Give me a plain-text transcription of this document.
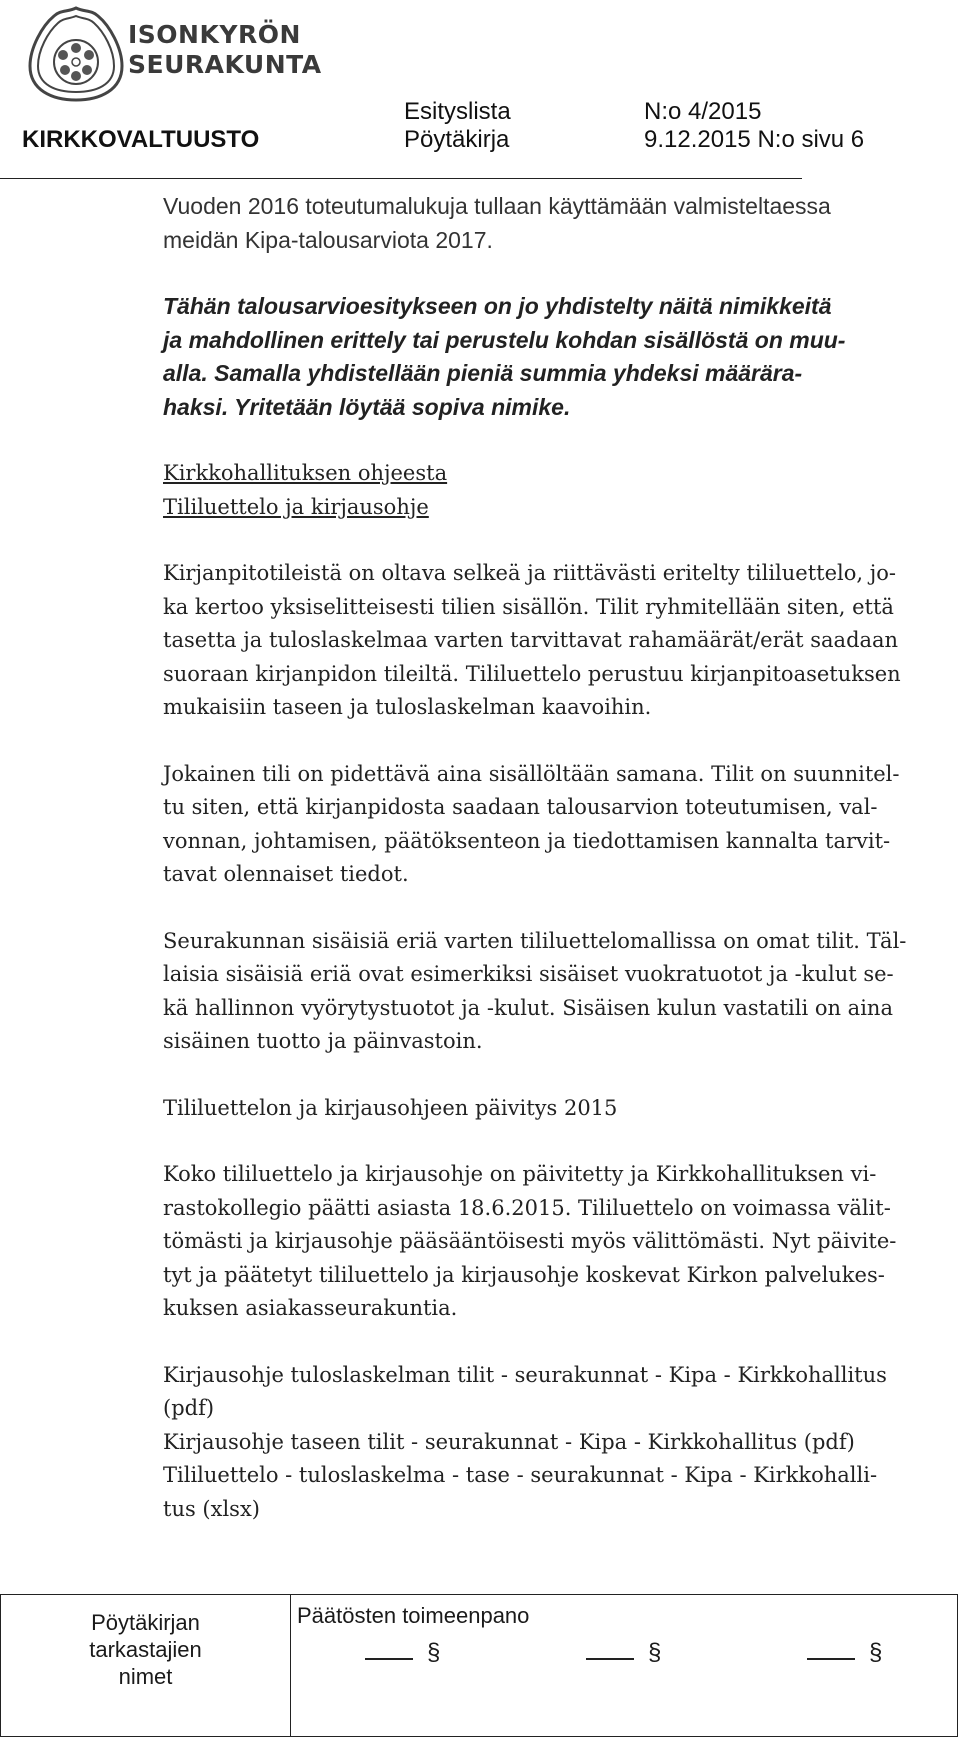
ISONKYRÖN
SEURAKUNTA
Esityslista	N:o 4/2015
KIRKKOVALTUUSTO	Pöytäkirja	9.12.2015 N:o sivu 6
Vuoden 2016 toteutumalukuja tullaan käyttämään valmisteltaessa
meidän Kipa-talousarviota 2017.
Tähän talousarvioesitykseen on jo yhdistelty näitä nimikkeitä
ja mahdollinen erittely tai perustelu kohdan sisällöstä on muu-
alla. Samalla yhdistellään pieniä summia yhdeksi määrära-
haksi. Yritetään löytää sopiva nimike.
Kirkkohallituksen ohjeesta
Tililuettelo ja kirjausohje
Kirjanpitotileistä on oltava selkeä ja riittävästi eritelty tililuettelo, jo-
ka kertoo yksiselitteisesti tilien sisällön. Tilit ryhmitellään siten, että
tasetta ja tuloslaskelmaa varten tarvittavat rahamäärät/erät saadaan
suoraan kirjanpidon tileiltä. Tililuettelo perustuu kirjanpitoasetuksen
mukaisiin taseen ja tuloslaskelman kaavoihin.
Jokainen tili on pidettävä aina sisällöltään samana. Tilit on suunnitel-
tu siten, että kirjanpidosta saadaan talousarvion toteutumisen, val-
vonnan, johtamisen, päätöksenteon ja tiedottamisen kannalta tarvit-
tavat olennaiset tiedot.
Seurakunnan sisäisiä eriä varten tililuettelomallissa on omat tilit. Täl-
laisia sisäisiä eriä ovat esimerkiksi sisäiset vuokratuotot ja -kulut se-
kä hallinnon vyörytystuotot ja -kulut. Sisäisen kulun vastatili on aina
sisäinen tuotto ja päinvastoin.
Tililuettelon ja kirjausohjeen päivitys 2015
Koko tililuettelo ja kirjausohje on päivitetty ja Kirkkohallituksen vi-
rastokollegio päätti asiasta 18.6.2015. Tililuettelo on voimassa välit-
tömästi ja kirjausohje pääsääntöisesti myös välittömästi. Nyt päivite-
tyt ja päätetyt tililuettelo ja kirjausohje koskevat Kirkon palvelukes-
kuksen asiakasseurakuntia.
Kirjausohje tuloslaskelman tilit - seurakunnat - Kipa - Kirkkohallitus
(pdf)
Kirjausohje taseen tilit - seurakunnat - Kipa - Kirkkohallitus (pdf)
Tililuettelo - tuloslaskelma - tase - seurakunnat - Kipa - Kirkkohalli-
tus (xlsx)
Pöytäkirjan
tarkastajien
nimet
Päätösten toimeenpano
§	§	§
